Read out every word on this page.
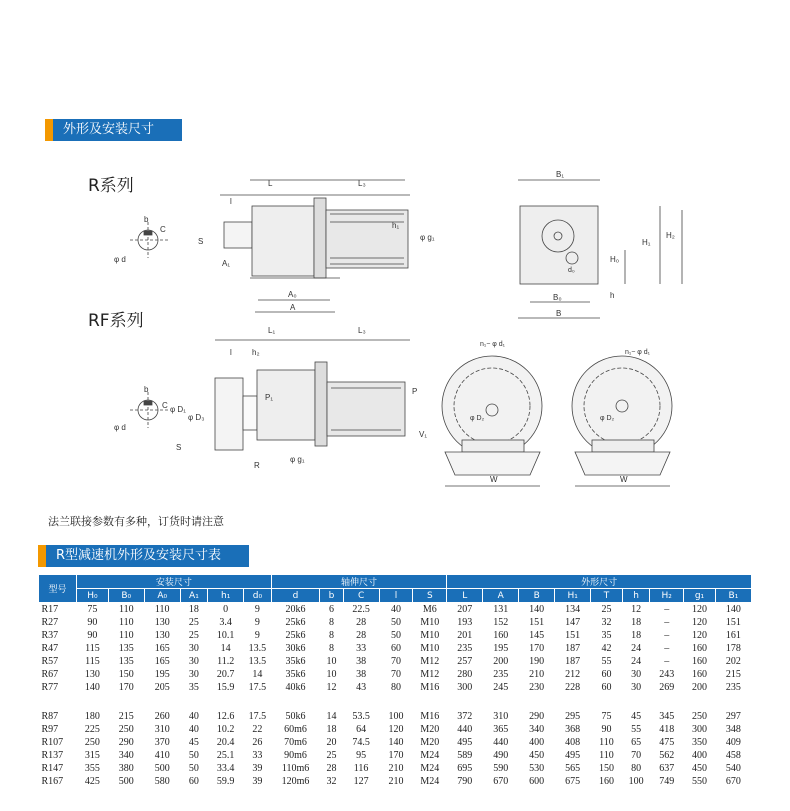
外形及安装尺寸
R系列
RF系列
φ d
C
b
L	L₃
l
A₀
A
A₁
S
h₁
φ g₁
B₁
d₀
B₀
B
H₁
H₂
H₀
h
φ d
b
C
L₁	L₃
l	h₂
P₁
P
V₁
φ D₁
φ D₃
S
R
φ g₁
W
n₁− φ d₁
φ D₂
W
n₁− φ d₁
φ D₂
法兰联接参数有多种，订货时请注意
R型减速机外形及安装尺寸表
型号	安装尺寸						轴伸尺寸					外形尺寸								
	H₀	B₀	A₀	A₁	h₁	d₀	d	b	C	l	S	L	A	B	H₁	T	h	H₂	g₁	B₁
R17	75	110	110	18	0	9	20k6	6	22.5	40	M6	207	131	140	134	25	12	–	120	140
R27	90	110	130	25	3.4	9	25k6	8	28	50	M10	193	152	151	147	32	18	–	120	151
R37	90	110	130	25	10.1	9	25k6	8	28	50	M10	201	160	145	151	35	18	–	120	161
R47	115	135	165	30	14	13.5	30k6	8	33	60	M10	235	195	170	187	42	24	–	160	178
R57	115	135	165	30	11.2	13.5	35k6	10	38	70	M12	257	200	190	187	55	24	–	160	202
R67	130	150	195	30	20.7	14	35k6	10	38	70	M12	280	235	210	212	60	30	243	160	215
R77	140	170	205	35	15.9	17.5	40k6	12	43	80	M16	300	245	230	228	60	30	269	200	235

R87	180	215	260	40	12.6	17.5	50k6	14	53.5	100	M16	372	310	290	295	75	45	345	250	297
R97	225	250	310	40	10.2	22	60m6	18	64	120	M20	440	365	340	368	90	55	418	300	348
R107	250	290	370	45	20.4	26	70m6	20	74.5	140	M20	495	440	400	408	110	65	475	350	409
R137	315	340	410	50	25.1	33	90m6	25	95	170	M24	589	490	450	495	110	70	562	400	458
R147	355	380	500	50	33.4	39	110m6	28	116	210	M24	695	590	530	565	150	80	637	450	540
R167	425	500	580	60	59.9	39	120m6	32	127	210	M24	790	670	600	675	160	100	749	550	670
